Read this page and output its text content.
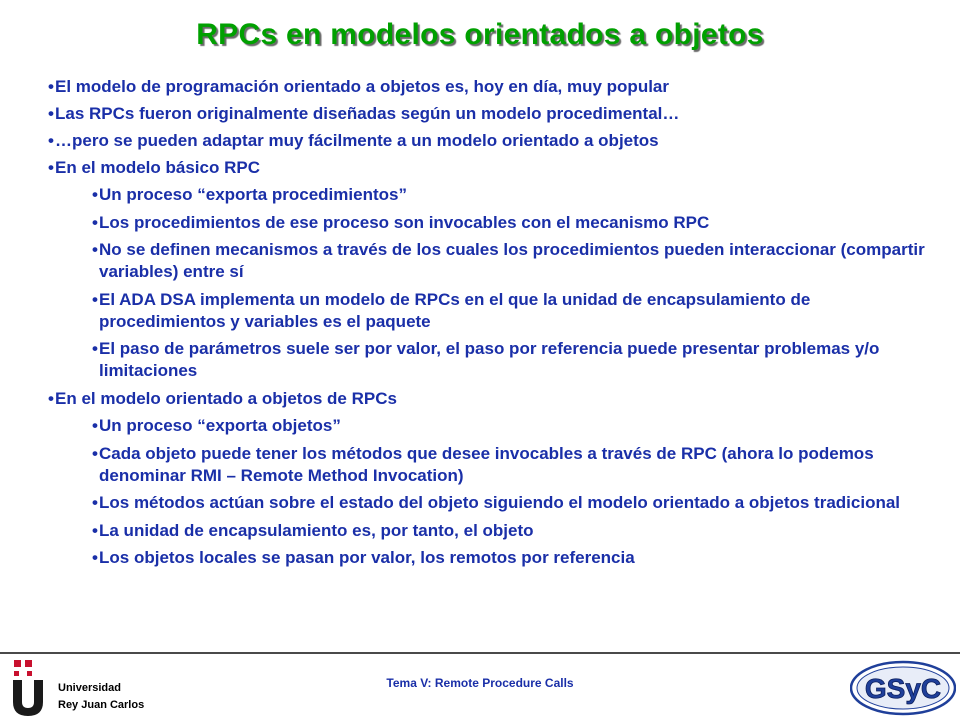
RPCs en modelos orientados a objetos
• El modelo de programación orientado a objetos es, hoy en día, muy popular
• Las RPCs fueron originalmente diseñadas según un modelo procedimental…
• …pero se pueden adaptar muy fácilmente a un modelo orientado a objetos
• En el modelo básico RPC
• Un proceso “exporta procedimientos”
• Los procedimientos de ese proceso son invocables con el mecanismo RPC
• No se definen mecanismos a través de los cuales los procedimientos pueden interaccionar (compartir variables) entre sí
• El ADA DSA implementa un modelo de RPCs en el que la unidad de encapsulamiento de procedimientos y variables es el paquete
• El paso de parámetros suele ser por valor, el paso por referencia puede presentar problemas y/o limitaciones
• En el modelo orientado a objetos de RPCs
• Un proceso “exporta objetos”
• Cada objeto puede tener los métodos que desee invocables a través de RPC (ahora lo podemos denominar RMI – Remote Method Invocation)
• Los métodos actúan sobre el estado del objeto siguiendo el modelo orientado a objetos tradicional
• La unidad de encapsulamiento es, por tanto, el objeto
• Los objetos locales se pasan por valor, los remotos por referencia
Tema V: Remote Procedure Calls
Universidad
Rey Juan Carlos
GSyC
